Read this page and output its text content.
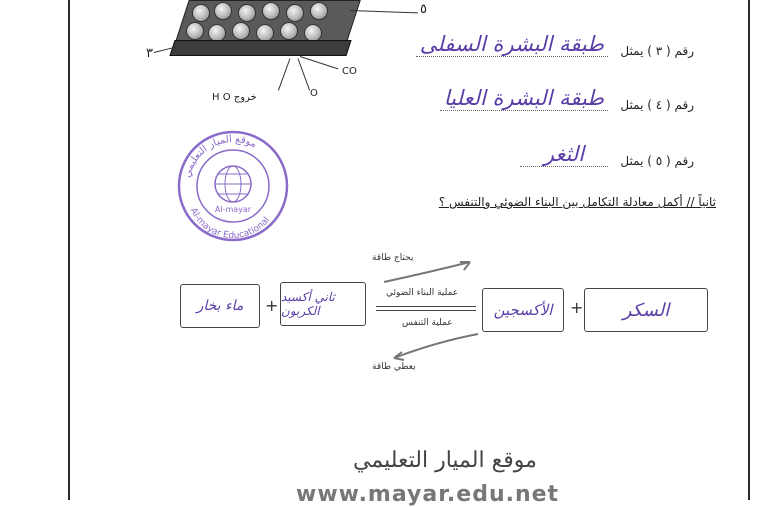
٥
٣
CO
O
H O خروج
رقم ( ٣ ) يمثل
طبقة البشرة السفلى
رقم ( ٤ ) يمثل
طبقة البشرة العليا
رقم ( ٥ ) يمثل
الثغر
موقع الميار التعليمي
Al-mayar Educational
Al-mayar
ثانياً // أكمل معادلة التكامل بين البناء الضوئي والتنفس ؟
السكر
+
الأكسجين
يحتاج طاقة
عملية البناء الضوئي
عملية التنفس
يعطي طاقة
ثاني أكسيد الكربون
+
ماء بخار
موقع الميار التعليمي
www.mayar.edu.net
